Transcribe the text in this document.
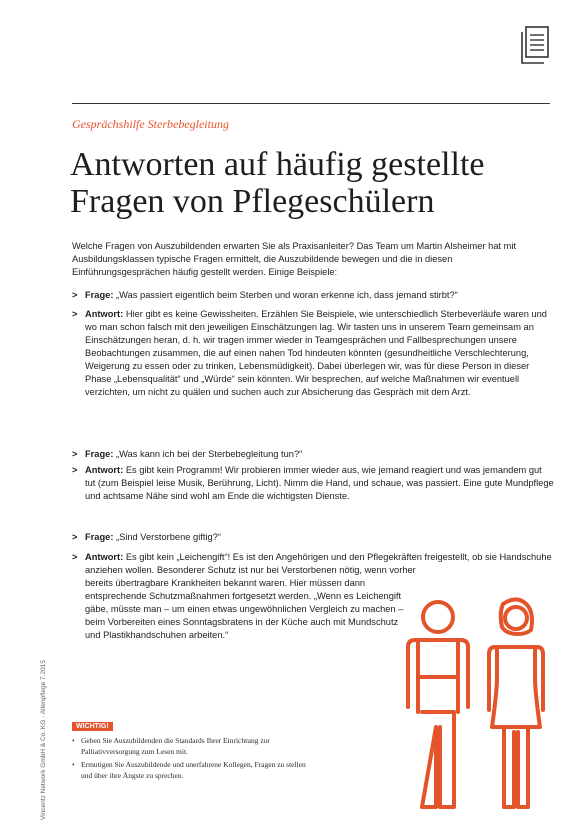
Gesprächshilfe Sterbebegleitung
Antworten auf häufig gestellte
Fragen von Pflegeschülern

Welche Fragen von Auszubildenden erwarten Sie als Praxisanleiter? Das Team um Martin Alsheimer hat mit Ausbildungsklassen typische Fragen ermittelt, die Auszubildende bewegen und die in diesen Einführungsgesprächen häufig gestellt werden. Einige Beispiele:

> Frage: „Was passiert eigentlich beim Sterben und woran erkenne ich, dass jemand stirbt?“
> Antwort: Hier gibt es keine Gewissheiten. Erzählen Sie Beispiele, wie unterschiedlich Sterbeverläufe waren und wo man schon falsch mit den jeweiligen Einschätzungen lag. Wir tasten uns in unserem Team gemeinsam an Einschätzungen heran, d. h. wir tragen immer wieder in Teamgesprächen und Fallbesprechungen unsere Beobachtungen zusammen, die auf einen nahen Tod hindeuten könnten (gesundheitliche Verschlechterung, Weigerung zu essen oder zu trinken, Lebensmüdigkeit). Dabei überlegen wir, was für diese Person in dieser Phase „Lebensqualität“ und „Würde“ sein könnten. Wir besprechen, auf welche Maßnahmen wir eventuell verzichten, um nicht zu quälen und suchen auch zur Absicherung das Gespräch mit dem Arzt.
> Frage: „Was kann ich bei der Sterbebegleitung tun?“
> Antwort: Es gibt kein Programm! Wir probieren immer wieder aus, wie jemand reagiert und was jemandem gut tut (zum Beispiel leise Musik, Berührung, Licht). Nimm die Hand, und schaue, was passiert. Eine gute Mundpflege und achtsame Nähe sind wohl am Ende die wichtigsten Dienste.
> Frage: „Sind Verstorbene giftig?“
> Antwort: Es gibt kein „Leichengift“! Es ist den Angehörigen und den Pflegekräften freigestellt, ob sie Handschuhe anziehen wollen. Besonderer Schutz ist nur bei Verstorbenen nötig, wenn vorher
bereits übertragbare Krankheiten bekannt waren. Hier müssen dann entsprechende Schutzmaßnahmen fortgesetzt werden. „Wenn es Leichengift gäbe, müsste man – um einen etwas ungewöhnlichen Vergleich zu machen – beim Vorbereiten eines Sonntagsbratens in der Küche auch mit Mundschutz und Plastikhandschuhen arbeiten.“
Vincentz Network GmbH & Co. KG · Altenpflege 7.2015	WICHTIG!
• Geben Sie Auszubildenden die Standards Ihrer Einrichtung zur Palliativversorgung zum Lesen mit.
• Ermutigen Sie Auszubildende und unerfahrene Kollegen, Fragen zu stellen und über ihre Ängste zu sprechen.
